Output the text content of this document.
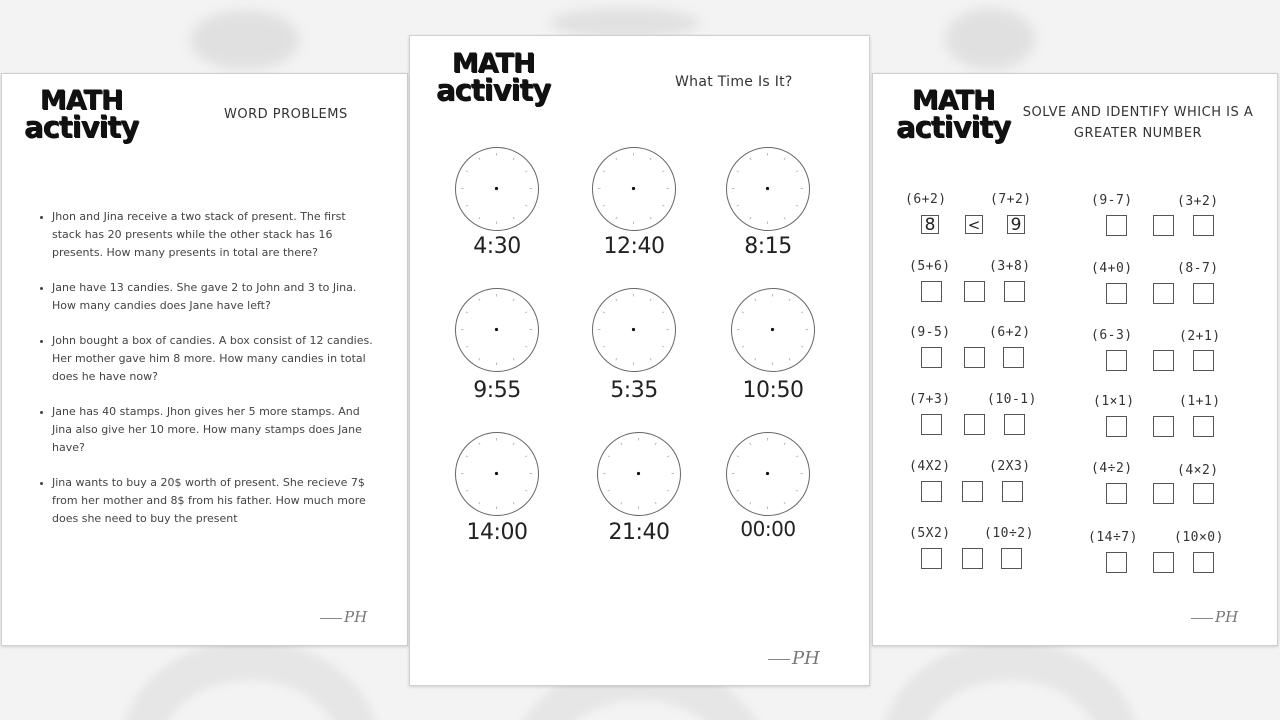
MATH
activity	WORD PROBLEMS
Jhon and Jina receive a two stack of present. The first stack has 20 presents while the other stack has 16 presents. How many presents in total are there?
Jane have 13 candies. She gave 2 to John and 3 to Jina. How many candies does Jane have left?
John bought a box of candies. A box consist of 12 candies. Her mother gave him 8 more. How many candies in total does he have now?
Jane has 40 stamps. Jhon gives her 5 more stamps. And Jina also give her 10 more. How many stamps does Jane have?
Jina wants to buy a 20$ worth of present. She recieve 7$ from her mother and 8$ from his father. How much more does she need to buy the present
PH
MATH
activity	What Time Is It?
4:30	12:40	8:15
9:55	5:35	10:50
14:00	21:40	00:00
PH
MATH
activity SOLVE AND IDENTIFY WHICH IS A GREATER NUMBER
(6+2)	(7+2)
8 < 9
(5+6)	(3+8)
(9-5)	(6+2)
(7+3)	(10-1)
(4X2)	(2X3)
(5X2)	(10÷2)
(9-7)	(3+2)
(4+0)	(8-7)
(6-3)	(2+1)
(1×1)	(1+1)
(4÷2)	(4×2)
(14÷7)	(10×0)
PH
